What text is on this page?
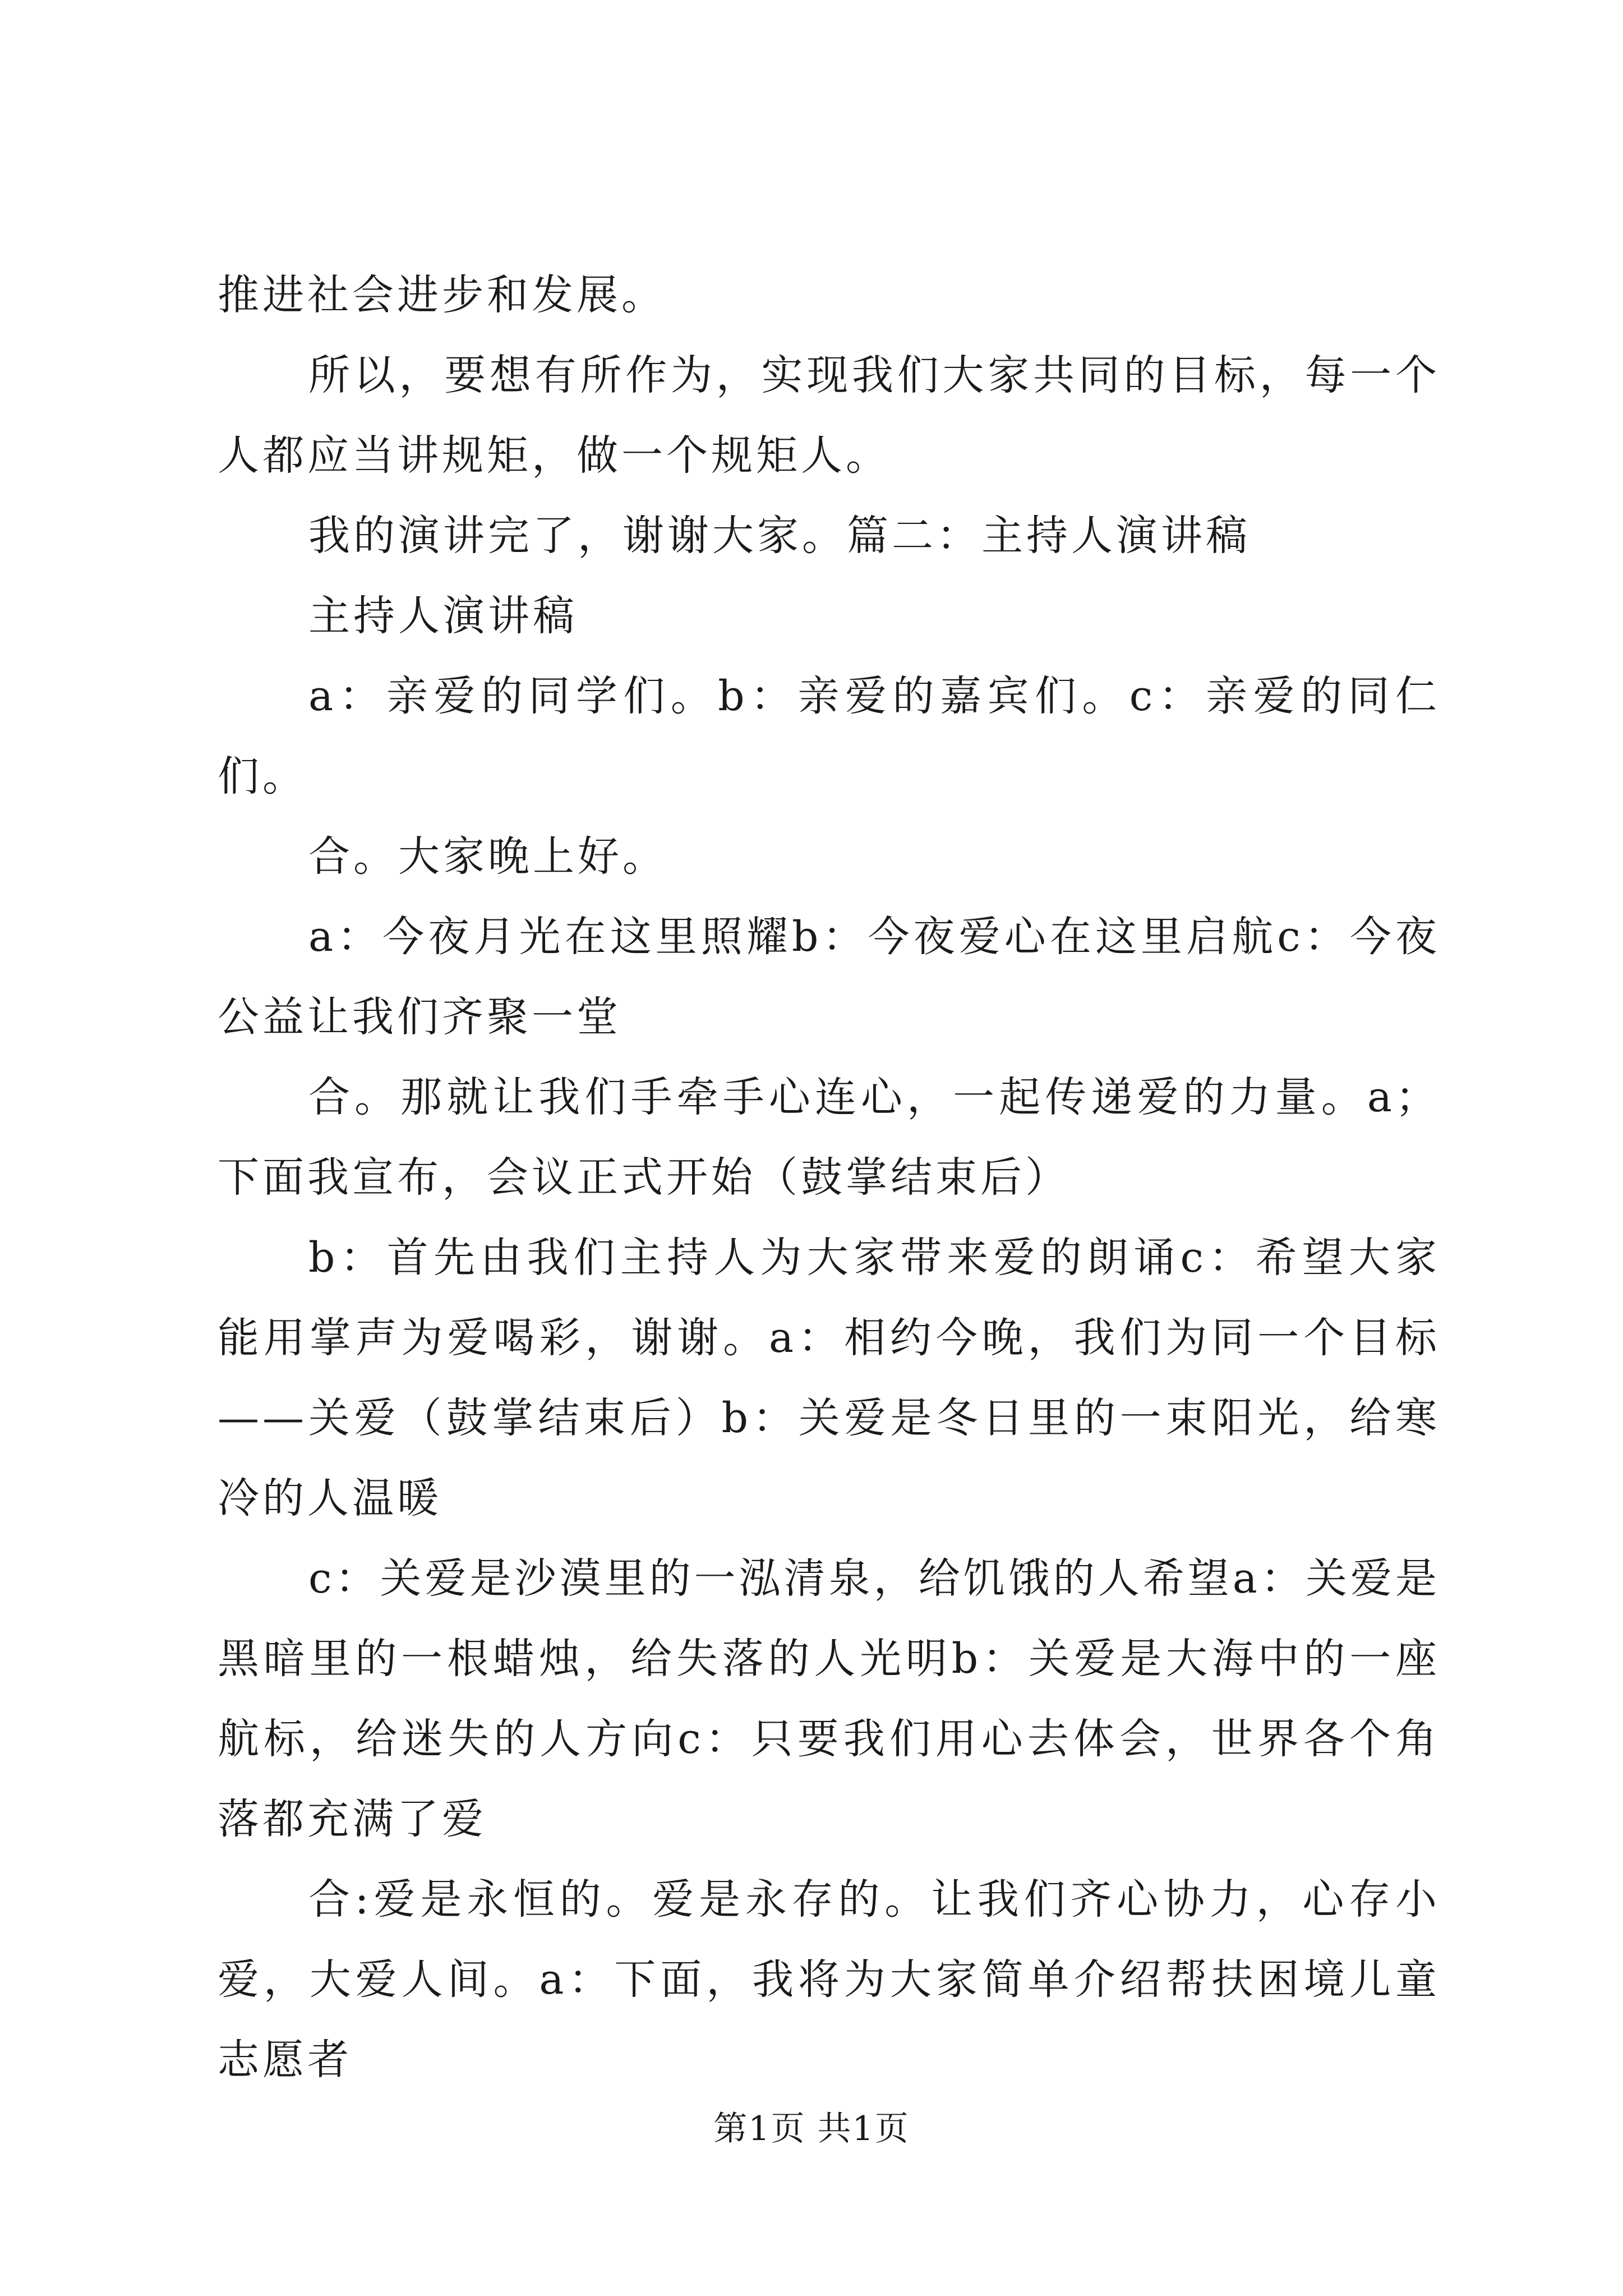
推进社会进步和发展。

所以，要想有所作为，实现我们大家共同的目标，每一个人都应当讲规矩，做一个规矩人。

我的演讲完了，谢谢大家。篇二：主持人演讲稿

主持人演讲稿

a：亲爱的同学们。b：亲爱的嘉宾们。c：亲爱的同仁们。

合。大家晚上好。

a：今夜月光在这里照耀b：今夜爱心在这里启航c：今夜公益让我们齐聚一堂

合。那就让我们手牵手心连心，一起传递爱的力量。a；下面我宣布，会议正式开始（鼓掌结束后）

b：首先由我们主持人为大家带来爱的朗诵c：希望大家能用掌声为爱喝彩，谢谢。a：相约今晚，我们为同一个目标——关爱（鼓掌结束后）b：关爱是冬日里的一束阳光，给寒冷的人温暖

c：关爱是沙漠里的一泓清泉，给饥饿的人希望a：关爱是黑暗里的一根蜡烛，给失落的人光明b：关爱是大海中的一座航标，给迷失的人方向c：只要我们用心去体会，世界各个角落都充满了爱

合:爱是永恒的。爱是永存的。让我们齐心协力，心存小爱，大爱人间。a：下面，我将为大家简单介绍帮扶困境儿童志愿者

第1页 共1页
